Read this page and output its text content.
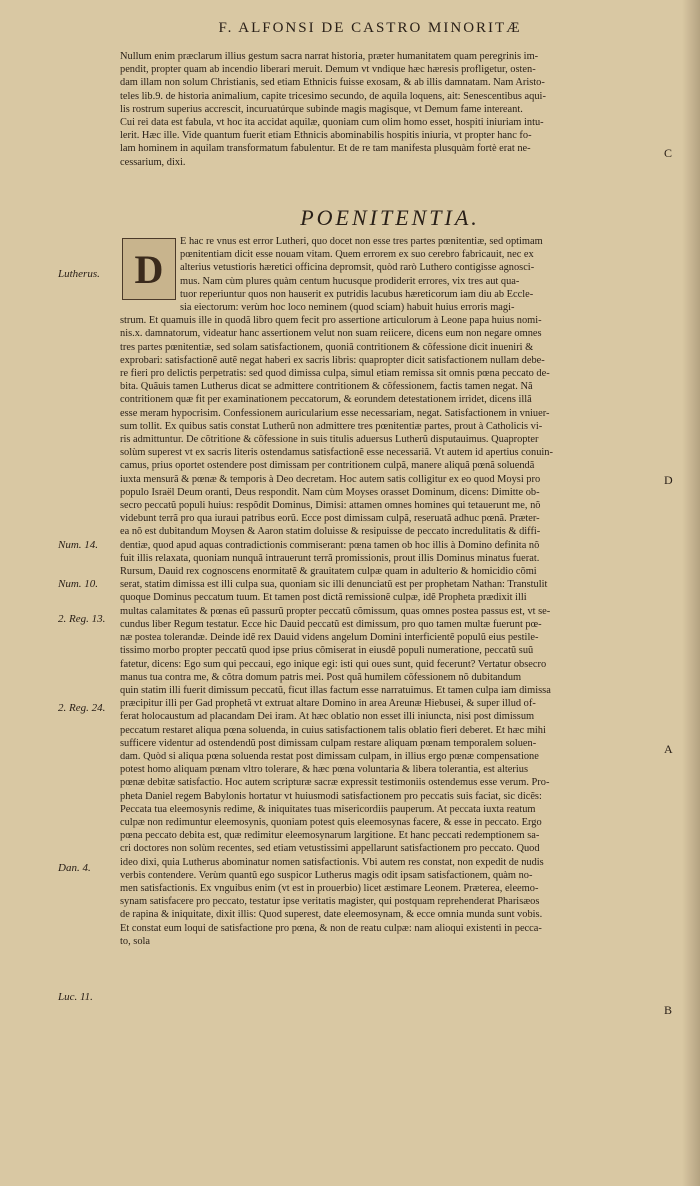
F. ALFONSI DE CASTRO MINORITÆ
Nullum enim præclarum illius gestum sacra narrat historia, præter humanitatem quam peregrinis im-
pendit, propter quam ab incendio liberari meruit. Demum vt vndique hæc hæresis profligetur, osten-
dam illam non solum Christianis, sed etiam Ethnicis fuisse exosam, & ab illis damnatam. Nam Aristo-
teles lib.9. de historia animalium, capite tricesimo secundo, de aquila loquens, ait: Senescentibus aqui-
lis rostrum superius accrescit, incuruatúrque subinde magis magisque, vt Demum fame intereant.
Cui rei data est fabula, vt hoc ita accidat aquilæ, quoniam cum olim homo esset, hospiti iniuriam intu-
lerit. Hæc ille. Vide quantum fuerit etiam Ethnicis abominabilis hospitis iniuria, vt propter hanc fo-
lam hominem in aquilam transformatum fabulentur. Et de re tam manifesta plusquàm fortè erat ne-
cessarium, dixi.
POENITENTIA.
D
E hac re vnus est error Lutheri, quo docet non esse tres partes pœnitentiæ, sed optimam
pœnitentiam dicit esse nouam vitam. Quem errorem ex suo cerebro fabricauit, nec ex
alterius vetustioris hæretici officina depromsit, quòd rarò Luthero contigisse agnosci-
mus. Nam cùm plures quàm centum hucusque prodiderit errores, vix tres aut qua-
tuor reperiuntur quos non hauserit ex putridis lacubus hæreticorum iam diu ab Eccle-
sia eiectorum: verùm hoc loco neminem (quod sciam) habuit huius erroris magi-
strum. Et quamuis ille in quodã libro quem fecit pro assertione articulorum à Leone papa huius nomi-
nis.x. damnatorum, videatur hanc assertionem velut non suam reiicere, dicens eum non negare omnes
tres partes pœnitentiæ, sed solam satisfactionem, quoniã contritionem & cõfessione dicit inueniri &
exprobari: satisfactionẽ autẽ negat haberi ex sacris libris: quapropter dicit satisfactionem nullam debe-
re fieri pro delictis perpetratis: sed quod dimissa culpa, simul etiam remissa sit omnis pœna peccato de-
bita. Quãuis tamen Lutherus dicat se admittere contritionem & cõfessionem, factis tamen negat. Nã
contritionem quæ fit per examinationem peccatorum, & eorundem detestationem irridet, dicens illã
esse meram hypocrisim. Confessionem auricularium esse necessariam, negat. Satisfactionem in vniuer-
sum tollit. Ex quibus satis constat Lutherũ non admittere tres pœnitentiæ partes, prout à Catholicis vi-
ris admittuntur. De cõtritione & cõfessione in suis titulis aduersus Lutherũ disputauimus. Quapropter
solùm superest vt ex sacris literis ostendamus satisfactionẽ esse necessariã. Vt autem id apertius conuin-
camus, prius oportet ostendere post dimissam per contritionem culpã, manere aliquã pœnã soluendã
iuxta mensurã & pœnæ & temporis à Deo decretam. Hoc autem satis colligitur ex eo quod Moysi pro
populo Israël Deum oranti, Deus respondit. Nam cùm Moyses orasset Dominum, dicens: Dimitte ob-
secro peccatũ populi huius: respõdit Dominus, Dimisi: attamen omnes homines qui tetauerunt me, nõ
videbunt terrã pro qua iuraui patribus eorũ. Ecce post dimissam culpã, reseruatã adhuc pœnã. Præter-
ea nõ est dubitandum Moysen & Aaron statim doluisse & resipuisse de peccato incredulitatis & diffi-
dentiæ, quod apud aquas contradictionis commiserant: pœna tamen ob hoc illis à Domino definita nõ
fuit illis relaxata, quoniam nunquã intrauerunt terrã promissionis, prout illis Dominus minatus fuerat.
Rursum, Dauid rex cognoscens enormitatẽ & grauitatem culpæ quam in adulterio & homicidio cõmi
serat, statim dimissa est illi culpa sua, quoniam sic illi denunciatũ est per prophetam Nathan: Transtulit
quoque Dominus peccatum tuum. Et tamen post dictã remissionẽ culpæ, idẽ Propheta prædixit illi
multas calamitates & pœnas eũ passurũ propter peccatũ cõmissum, quas omnes postea passus est, vt se-
cundus liber Regum testatur. Ecce hic Dauid peccatũ est dimissum, pro quo tamen multæ fuerunt pœ-
næ postea tolerandæ. Deinde idẽ rex Dauid videns angelum Domini interficientẽ populũ eius pestile-
tissimo morbo propter peccatũ quod ipse prius cõmiserat in eiusdẽ populi numeratione, peccatũ suũ
fatetur, dicens: Ego sum qui peccaui, ego inique egi: isti qui oues sunt, quid fecerunt? Vertatur obsecro
manus tua contra me, & cõtra domum patris mei. Post quã humilem cõfessionem nõ dubitandum
quin statim illi fuerit dimissum peccatũ, ficut illas factum esse narratuimus. Et tamen culpa iam dimissa
præcipitur illi per Gad prophetã vt extruat altare Domino in area Areunæ Hiebusei, & super illud of-
ferat holocaustum ad placandam Dei iram. At hæc oblatio non esset illi iniuncta, nisi post dimissum
peccatum restaret aliqua pœna soluenda, in cuius satisfactionem talis oblatio fieri deberet. Et hæc mihi
sufficere videntur ad ostendendũ post dimissam culpam restare aliquam pœnam temporalem soluen-
dam. Quòd si aliqua pœna soluenda restat post dimissam culpam, in illius ergo pœnæ compensatione
potest homo aliquam pœnam vltro tolerare, & hæc pœna voluntaria & libera tolerantia, est alterius
pœnæ debitæ satisfactio. Hoc autem scripturæ sacræ expressit testimoniis ostendemus esse verum. Pro-
pheta Daniel regem Babylonis hortatur vt huiusmodi satisfactionem pro peccatis suis faciat, sic dicẽs:
Peccata tua eleemosynis redime, & iniquitates tuas misericordiis pauperum. At peccata iuxta reatum
culpæ non redimuntur eleemosynis, quoniam potest quis eleemosynas facere, & esse in peccato. Ergo
pœna peccato debita est, quæ redimitur eleemosynarum largitione. Et hanc peccati redemptionem sa-
cri doctores non solùm recentes, sed etiam vetustissimi appellarunt satisfactionem pro peccato. Quod
ideo dixi, quia Lutherus abominatur nomen satisfactionis. Vbi autem res constat, non expedit de nudis
verbis contendere. Verùm quantũ ego suspicor Lutherus magis odit ipsam satisfactionem, quàm no-
men satisfactionis. Ex vnguibus enim (vt est in prouerbio) licet æstimare Leonem. Præterea, eleemo-
synam satisfacere pro peccato, testatur ipse veritatis magister, qui postquam reprehenderat Pharisæos
de rapina & iniquitate, dixit illis: Quod superest, date eleemosynam, & ecce omnia munda sunt vobis.
Et constat eum loqui de satisfactione pro pœna, & non de reatu culpæ: nam alioqui existenti in pecca-
to, sola
Lutherus.
Num. 14.
Num. 10.
2. Reg. 13.
2. Reg. 24.
Dan. 4.
Luc. 11.
C
D
A
B
